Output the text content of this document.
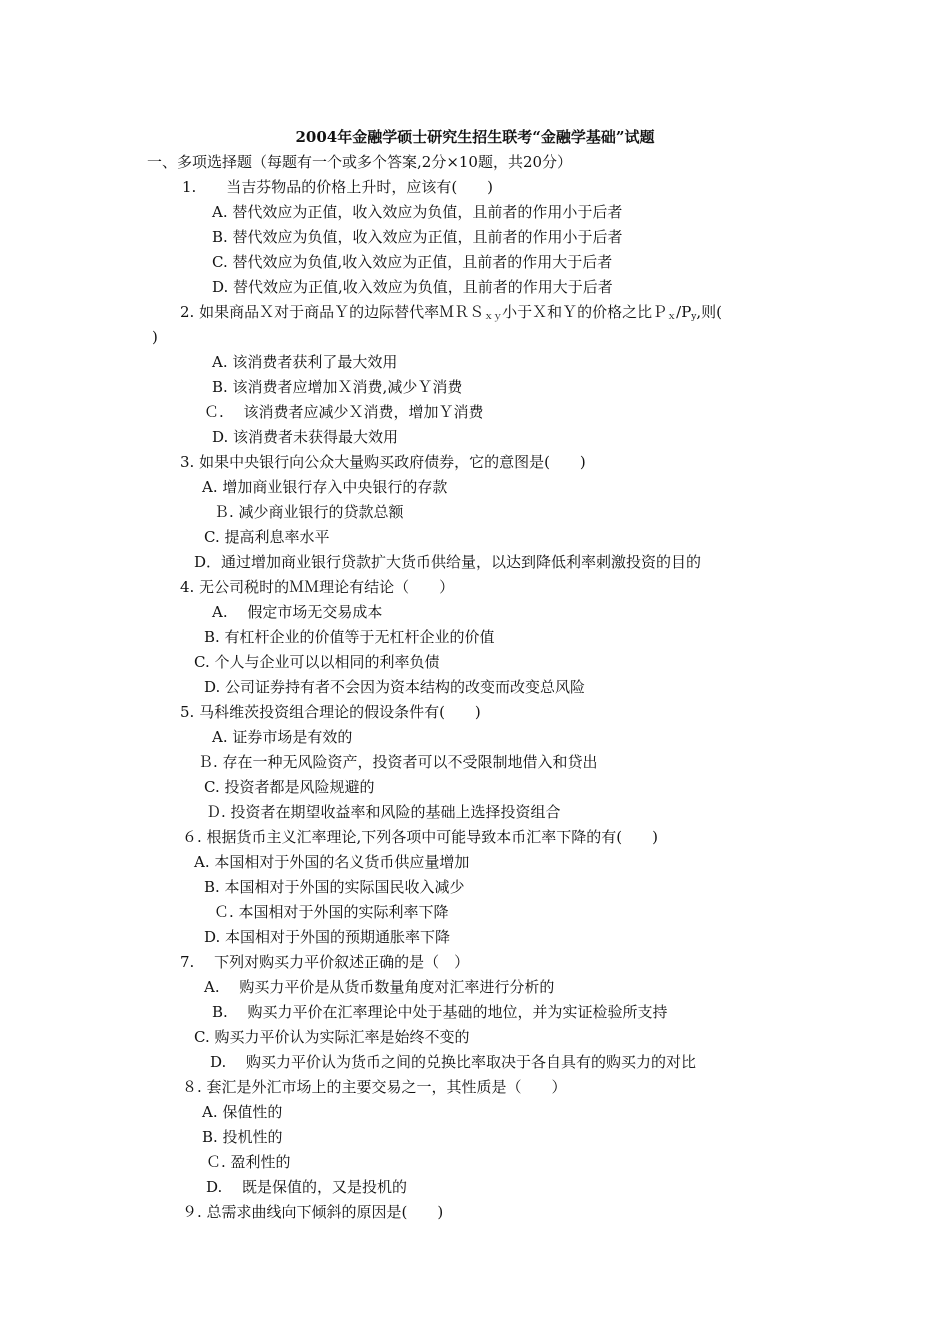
2004年金融学硕士研究生招生联考“金融学基础”试题
一、多项选择题（每题有一个或多个答案,2分×10题，共20分）
1.　　当吉芬物品的价格上升时，应该有(　　)
A. 替代效应为正值，收入效应为负值，且前者的作用小于后者
B. 替代效应为负值，收入效应为正值，且前者的作用小于后者
C. 替代效应为负值,收入效应为正值，且前者的作用大于后者
D. 替代效应为正值,收入效应为负值，且前者的作用大于后者
2. 如果商品Ｘ对于商品Ｙ的边际替代率ＭＲＳ$_{xy}$小于Ｘ和Ｙ的价格之比$P_x/P_y$,则(
)
A. 该消费者获利了最大效用
B. 该消费者应增加Ｘ消费,减少Ｙ消费
Ｃ.　 该消费者应减少Ｘ消费，增加Ｙ消费
D. 该消费者未获得最大效用
3. 如果中央银行向公众大量购买政府债券，它的意图是(　　)
A. 增加商业银行存入中央银行的存款
Ｂ. 减少商业银行的贷款总额
C. 提高利息率水平
D．通过增加商业银行贷款扩大货币供给量，以达到降低利率刺激投资的目的
4. 无公司税时的ＭＭ理论有结论（　　）
A.　 假定市场无交易成本
B. 有杠杆企业的价值等于无杠杆企业的价值
C. 个人与企业可以以相同的利率负债
D. 公司证券持有者不会因为资本结构的改变而改变总风险
5. 马科维茨投资组合理论的假设条件有(　　)
A. 证券市场是有效的
Ｂ. 存在一种无风险资产，投资者可以不受限制地借入和贷出
C. 投资者都是风险规避的
Ｄ. 投资者在期望收益率和风险的基础上选择投资组合
６. 根据货币主义汇率理论,下列各项中可能导致本币汇率下降的有(　　)
A. 本国相对于外国的名义货币供应量增加
B. 本国相对于外国的实际国民收入减少
Ｃ. 本国相对于外国的实际利率下降
D. 本国相对于外国的预期通胀率下降
7.　 下列对购买力平价叙述正确的是（　）
A.　 购买力平价是从货币数量角度对汇率进行分析的
B.　 购买力平价在汇率理论中处于基础的地位，并为实证检验所支持
C. 购买力平价认为实际汇率是始终不变的
D.　 购买力平价认为货币之间的兑换比率取决于各自具有的购买力的对比
８. 套汇是外汇市场上的主要交易之一，其性质是（　　）
A. 保值性的
B. 投机性的
Ｃ. 盈利性的
D.　 既是保值的，又是投机的
９. 总需求曲线向下倾斜的原因是(　　)
